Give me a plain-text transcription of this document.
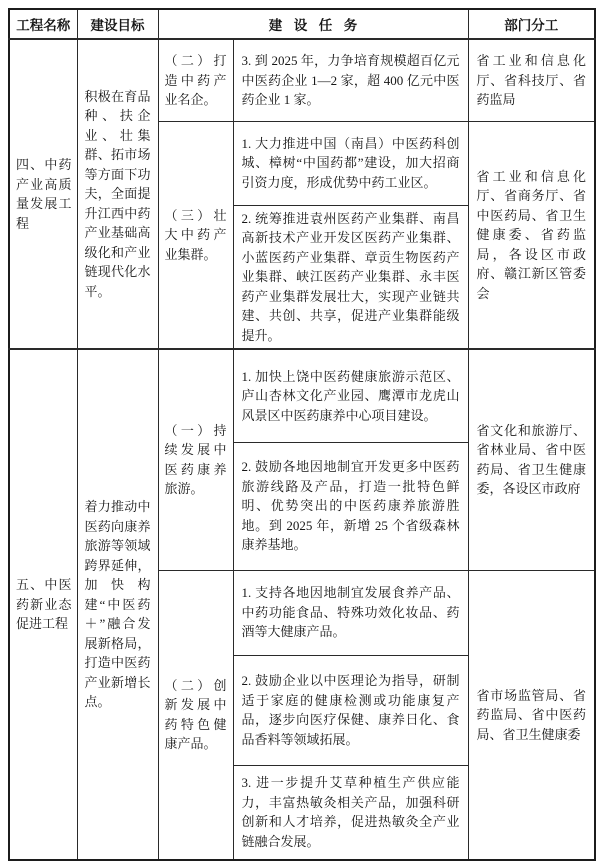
工程名称	建设目标	建设任务		部门分工
四、中药产业高质量发展工程	积极在育品种、扶企业、壮集群、拓市场等方面下功夫，全面提升江西中药产业基础高级化和产业链现代化水平。	（二）打造中药产业名企。	3. 到 2025 年，力争培育规模超百亿元中医药企业 1—2 家，超 400 亿元中医药企业 1 家。	省工业和信息化厅、省科技厅、省药监局
		（三）壮大中药产业集群。	1. 大力推进中国（南昌）中医药科创城、樟树“中国药都”建设，加大招商引资力度，形成优势中药工业区。	省工业和信息化厅、省商务厅、省中医药局、省卫生健康委、省药监局，各设区市政府、赣江新区管委会
			2. 统筹推进袁州医药产业集群、南昌高新技术产业开发区医药产业集群、小蓝医药产业集群、章贡生物医药产业集群、峡江医药产业集群、永丰医药产业集群发展壮大，实现产业链共建、共创、共享，促进产业集群能级提升。	
五、中医药新业态促进工程	着力推动中医药向康养旅游等领域跨界延伸，加快构建“中医药＋”融合发展新格局，打造中医药产业新增长点。	（一）持续发展中医药康养旅游。	1. 加快上饶中医药健康旅游示范区、庐山杏林文化产业园、鹰潭市龙虎山风景区中医药康养中心项目建设。	省文化和旅游厅、省林业局、省中医药局、省卫生健康委，各设区市政府
			2. 鼓励各地因地制宜开发更多中医药旅游线路及产品，打造一批特色鲜明、优势突出的中医药康养旅游胜地。到 2025 年，新增 25 个省级森林康养基地。	
		（二）创新发展中药特色健康产品。	1. 支持各地因地制宜发展食养产品、中药功能食品、特殊功效化妆品、药酒等大健康产品。	省市场监管局、省药监局、省中医药局、省卫生健康委
			2. 鼓励企业以中医理论为指导，研制适于家庭的健康检测或功能康复产品，逐步向医疗保健、康养日化、食品香料等领域拓展。	
			3. 进一步提升艾草种植生产供应能力，丰富热敏灸相关产品，加强科研创新和人才培养，促进热敏灸全产业链融合发展。	
